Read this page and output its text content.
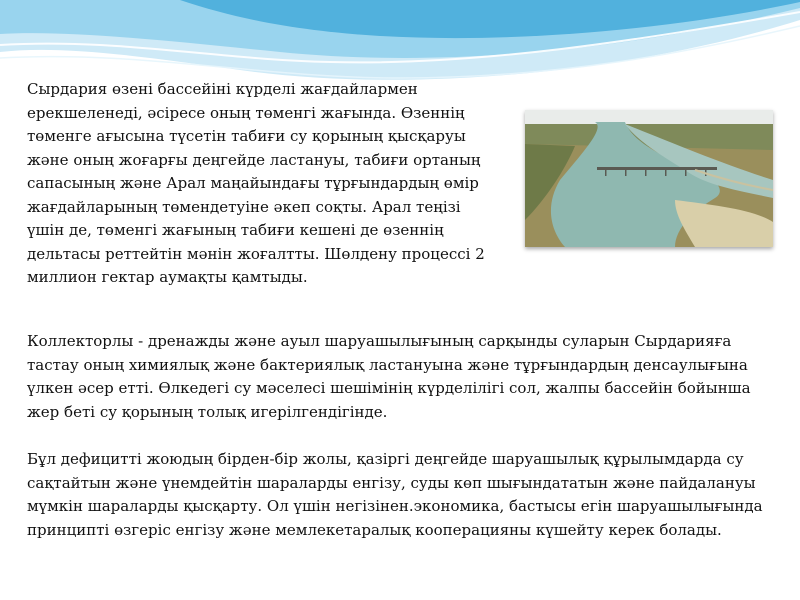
Сырдария өзені бассейіні күрделі жағдайлармен ерекшеленеді, әсіресе оның төменгі жағында. Өзеннің төменге ағысына түсетін табиғи су қорының қысқаруы және оның жоғарғы деңгейде ластануы, табиғи ортаның сапасының және Арал маңайындағы тұрғындардың өмір жағдайларының төмендетуіне әкеп соқты. Арал теңізі үшін де, төменгі жағының табиғи кешені де өзеннің дельтасы реттейтін мәнін жоғалтты. Шөлдену процессі 2 миллион гектар аумақты қамтыды.
Коллекторлы - дренажды және ауыл шаруашылығының сарқынды суларын Сырдарияға тастау оның химиялық және бактериялық ластануына және тұрғындардың денсаулығына үлкен әсер етті. Өлкедегі су мәселесі шешімінің күрделілігі сол, жалпы бассейін бойынша жер беті су қорының толық игерілгендігінде.
Бұл дефицитті жоюдың бірден-бір жолы, қазіргі деңгейде шаруашылық құрылымдарда су сақтайтын және үнемдейтін шараларды енгізу, суды көп шығындататын және пайдалануы мүмкін шараларды қысқарту. Ол үшін негізінен.экономика, бастысы егін шаруашылығында принципті өзгеріс енгізу және мемлекетаралық кооперацияны күшейту керек болады.
